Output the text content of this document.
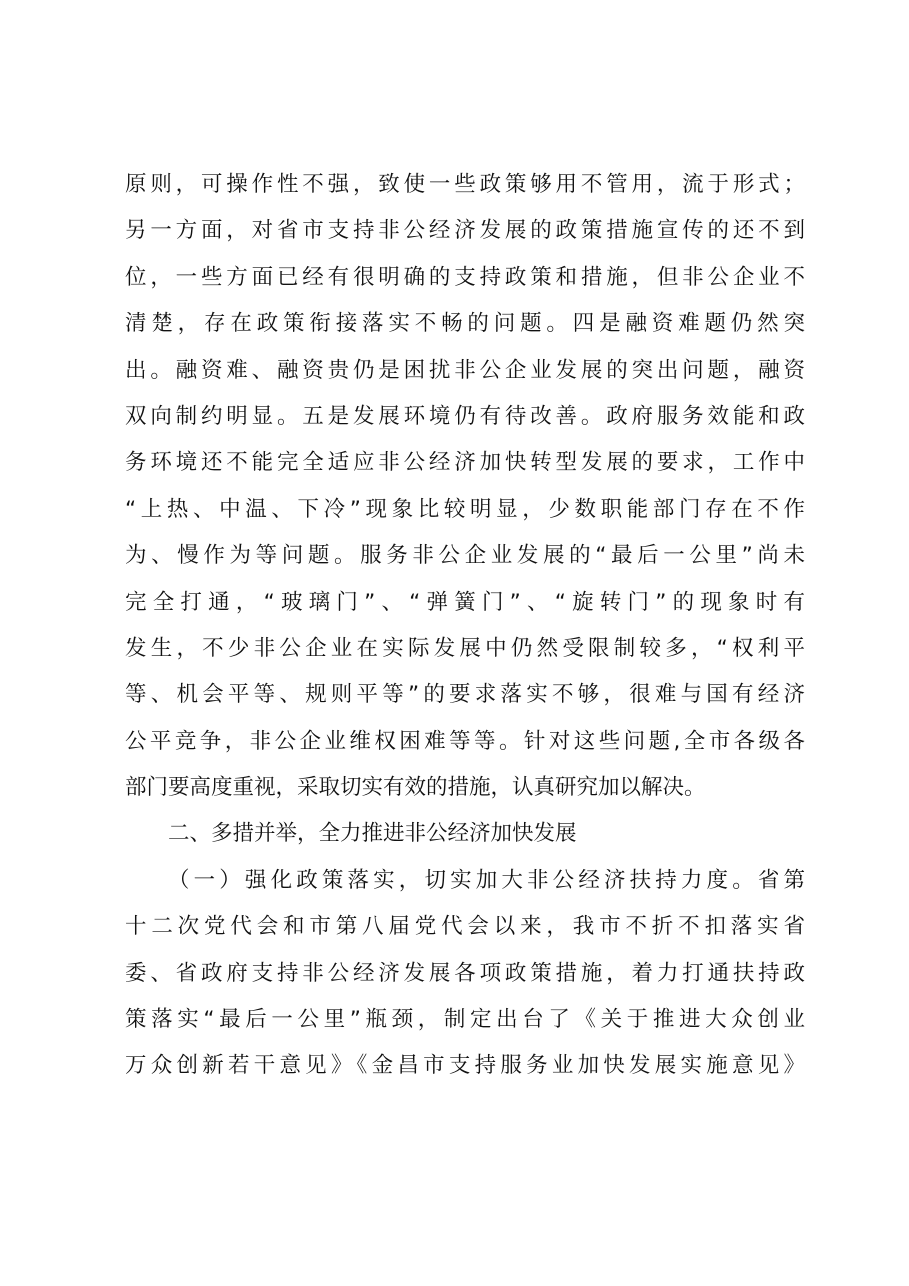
原则，可操作性不强，致使一些政策够用不管用，流于形式；
另一方面，对省市支持非公经济发展的政策措施宣传的还不到
位，一些方面已经有很明确的支持政策和措施，但非公企业不
清楚，存在政策衔接落实不畅的问题。四是融资难题仍然突
出。融资难、融资贵仍是困扰非公企业发展的突出问题，融资
双向制约明显。五是发展环境仍有待改善。政府服务效能和政
务环境还不能完全适应非公经济加快转型发展的要求，工作中
“上热、中温、下冷”现象比较明显，少数职能部门存在不作
为、慢作为等问题。服务非公企业发展的“最后一公里”尚未
完全打通，“玻璃门”、“弹簧门”、“旋转门”的现象时有
发生，不少非公企业在实际发展中仍然受限制较多，“权利平
等、机会平等、规则平等”的要求落实不够，很难与国有经济
公平竞争，非公企业维权困难等等。针对这些问题,全市各级各
部门要高度重视，采取切实有效的措施，认真研究加以解决。
二、多措并举，全力推进非公经济加快发展
（一）强化政策落实，切实加大非公经济扶持力度。省第
十二次党代会和市第八届党代会以来，我市不折不扣落实省
委、省政府支持非公经济发展各项政策措施，着力打通扶持政
策落实“最后一公里”瓶颈，制定出台了《关于推进大众创业
万众创新若干意见》《金昌市支持服务业加快发展实施意见》
